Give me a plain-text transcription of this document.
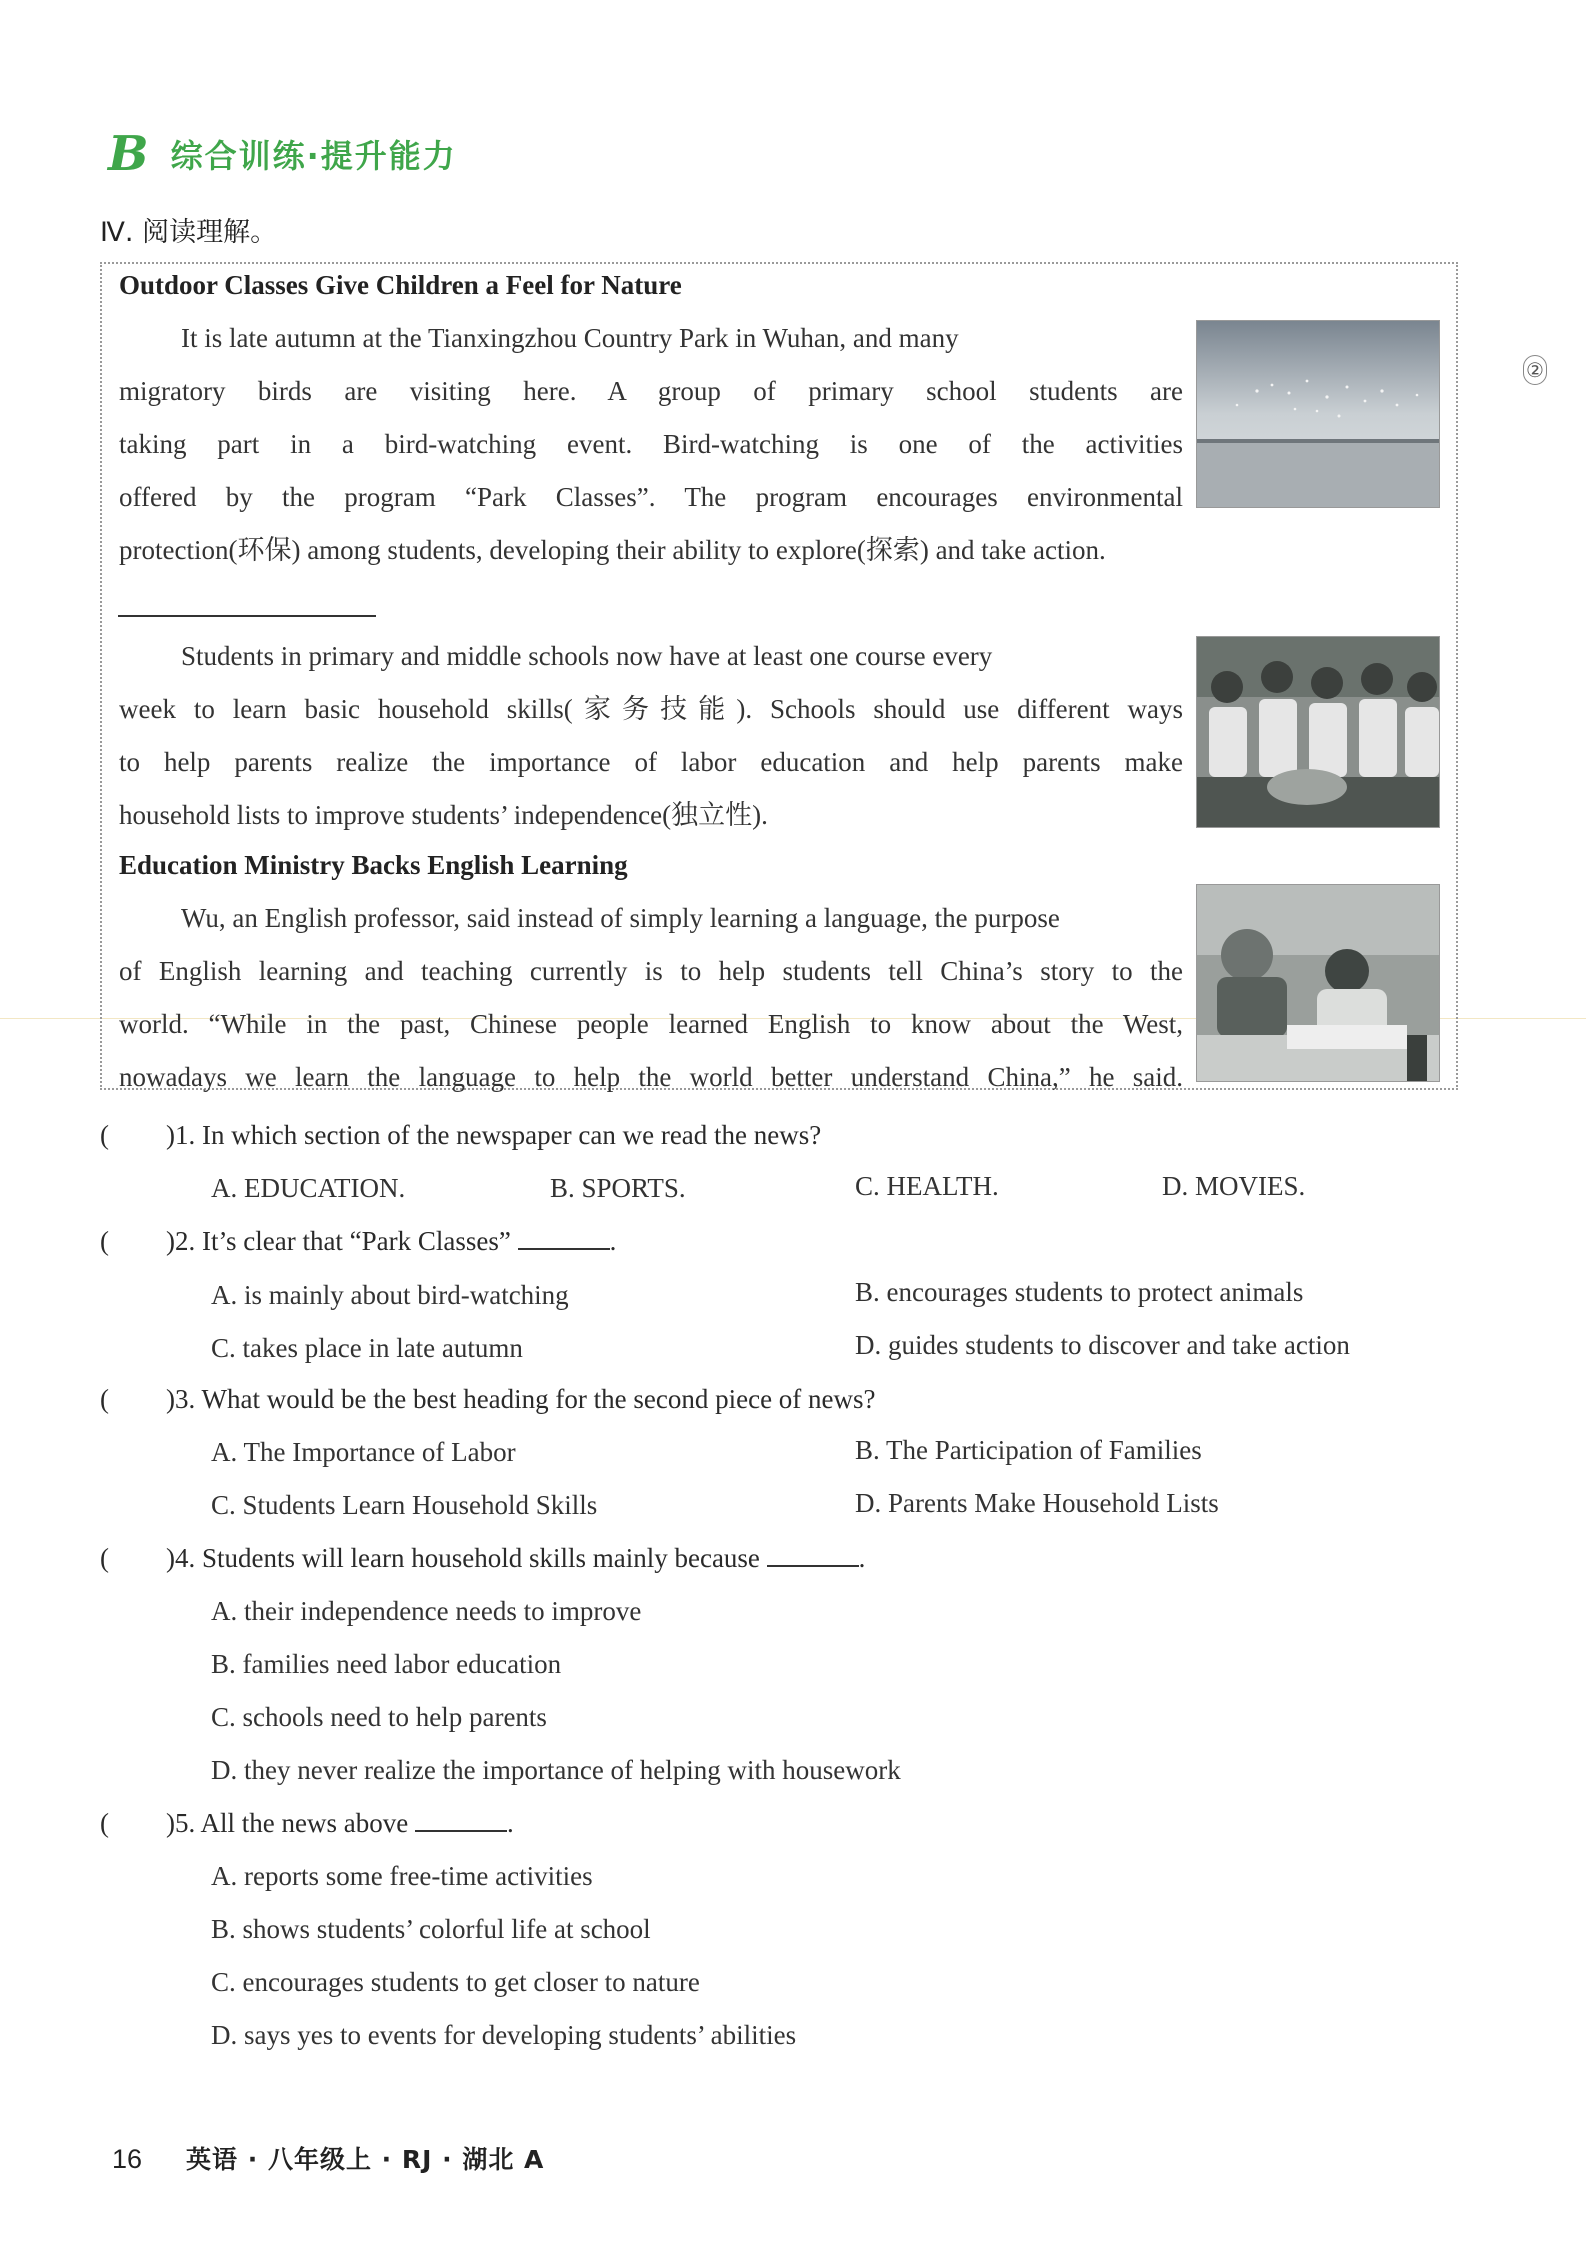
B 综合训练·提升能力
Ⅳ. 阅读理解。
②
Outdoor Classes Give Children a Feel for Nature
It is late autumn at the Tianxingzhou Country Park in Wuhan, and many
migratory birds are visiting here. A group of primary school students are
taking part in a bird-watching event. Bird-watching is one of the activities
offered by the program “Park Classes”. The program encourages environmental
protection(环保) among students, developing their ability to explore(探索) and take action.
Students in primary and middle schools now have at least one course every
week to learn basic household skills(家务技能). Schools should use different ways
to help parents realize the importance of labor education and help parents make
household lists to improve students’ independence(独立性).
Education Ministry Backs English Learning
Wu, an English professor, said instead of simply learning a language, the purpose
of English learning and teaching currently is to help students tell China’s story to the
world. “While in the past, Chinese people learned English to know about the West,
nowadays we learn the language to help the world better understand China,” he said.
( )1. In which section of the newspaper can we read the news?
A. EDUCATION.	B. SPORTS.	C. HEALTH.	D. MOVIES.
( )2. It’s clear that “Park Classes”	.
A. is mainly about bird-watching	B. encourages students to protect animals
C. takes place in late autumn	D. guides students to discover and take action
( )3. What would be the best heading for the second piece of news?
A. The Importance of Labor	B. The Participation of Families
C. Students Learn Household Skills	D. Parents Make Household Lists
( )4. Students will learn household skills mainly because	.
A. their independence needs to improve
B. families need labor education
C. schools need to help parents
D. they never realize the importance of helping with housework
( )5. All the news above	.
A. reports some free-time activities
B. shows students’ colorful life at school
C. encourages students to get closer to nature
D. says yes to events for developing students’ abilities
16 英语 · 八年级上 · RJ · 湖北 A
